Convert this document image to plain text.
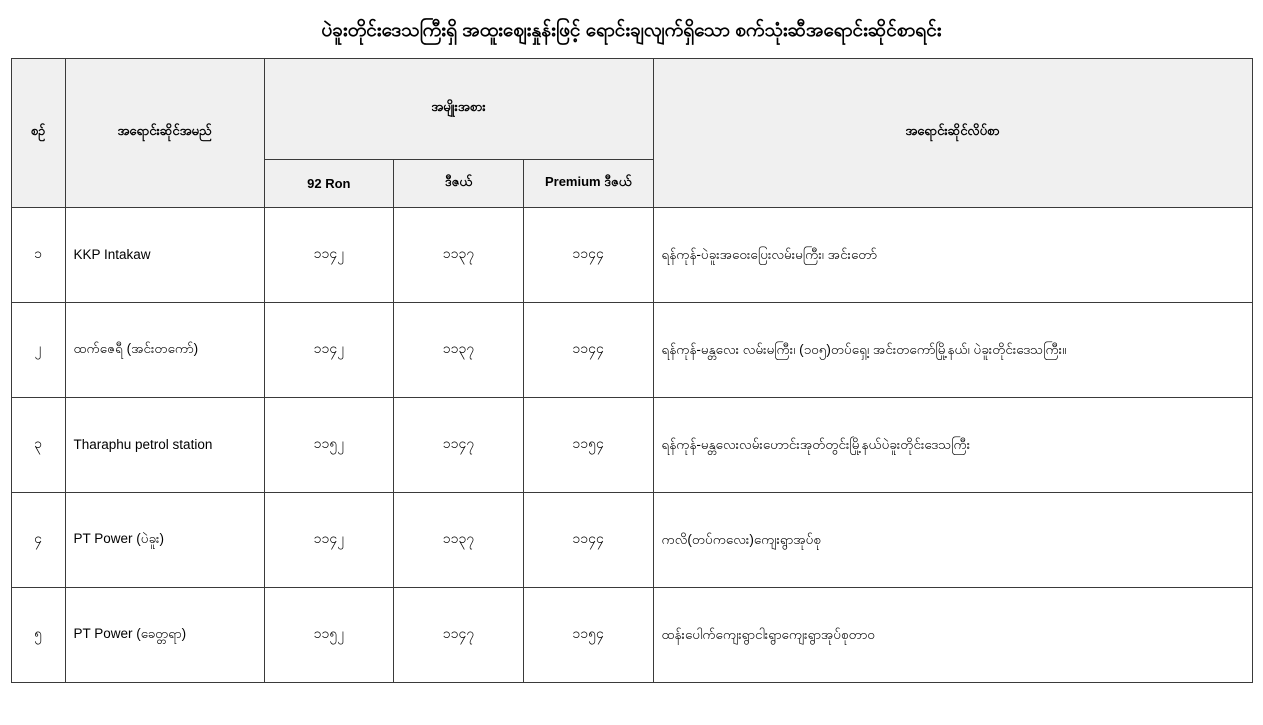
ပဲခူးတိုင်းဒေသကြီးရှိ အထူးဈေးနှုန်းဖြင့် ရောင်းချလျက်ရှိသော စက်သုံးဆီအရောင်းဆိုင်စာရင်း
စဉ်	အရောင်းဆိုင်အမည်	အမျိုးအစား			အရောင်းဆိုင်လိပ်စာ
		92 Ron	ဒီဇယ်	Premium ဒီဇယ်	
၁	KKP Intakaw	၁၁၄၂	၁၁၃၇	၁၁၄၄	ရန်ကုန်-ပဲခူးအဝေးပြေးလမ်းမကြီး၊ အင်းတော်
၂	ထက်ဇေရီ (အင်းတကော်)	၁၁၄၂	၁၁၃၇	၁၁၄၄	ရန်ကုန်-မန္တလေး လမ်းမကြီး၊ (၁၀၅)တပ်ရှေ့၊ အင်းတကော်မြို့နယ်၊ ပဲခူးတိုင်းဒေသကြီး။
၃	Tharaphu petrol station	၁၁၅၂	၁၁၄၇	၁၁၅၄	ရန်ကုန်-မန္တလေးလမ်းဟောင်းအုတ်တွင်းမြို့နယ်ပဲခူးတိုင်းဒေသကြီး
၄	PT Power (ပဲခူး)	၁၁၄၂	၁၁၃၇	၁၁၄၄	ကလိ(တပ်ကလေး)ကျေးရွာအုပ်စု
၅	PT Power (ခေတ္တရာ)	၁၁၅၂	၁၁၄၇	၁၁၅၄	ထန်းပေါက်ကျေးရွာငါးရွာကျေးရွာအုပ်စုတာဝ
